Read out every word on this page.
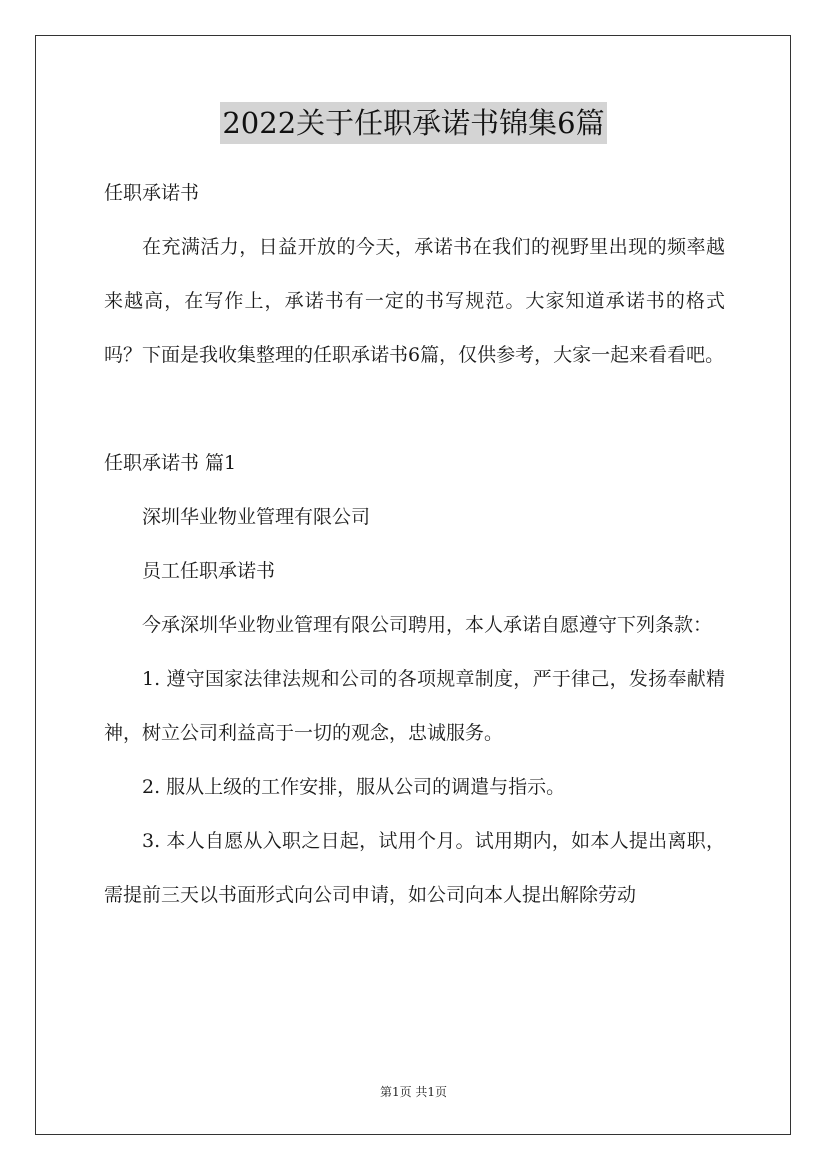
2022关于任职承诺书锦集6篇

任职承诺书

在充满活力，日益开放的今天，承诺书在我们的视野里出现的频率越来越高，在写作上，承诺书有一定的书写规范。大家知道承诺书的格式吗？下面是我收集整理的任职承诺书6篇，仅供参考，大家一起来看看吧。

任职承诺书 篇1

深圳华业物业管理有限公司

员工任职承诺书

今承深圳华业物业管理有限公司聘用，本人承诺自愿遵守下列条款：

1. 遵守国家法律法规和公司的各项规章制度，严于律己，发扬奉献精神，树立公司利益高于一切的观念，忠诚服务。

2. 服从上级的工作安排，服从公司的调遣与指示。

3. 本人自愿从入职之日起，试用个月。试用期内，如本人提出离职，需提前三天以书面形式向公司申请，如公司向本人提出解除劳动

第1页 共1页
